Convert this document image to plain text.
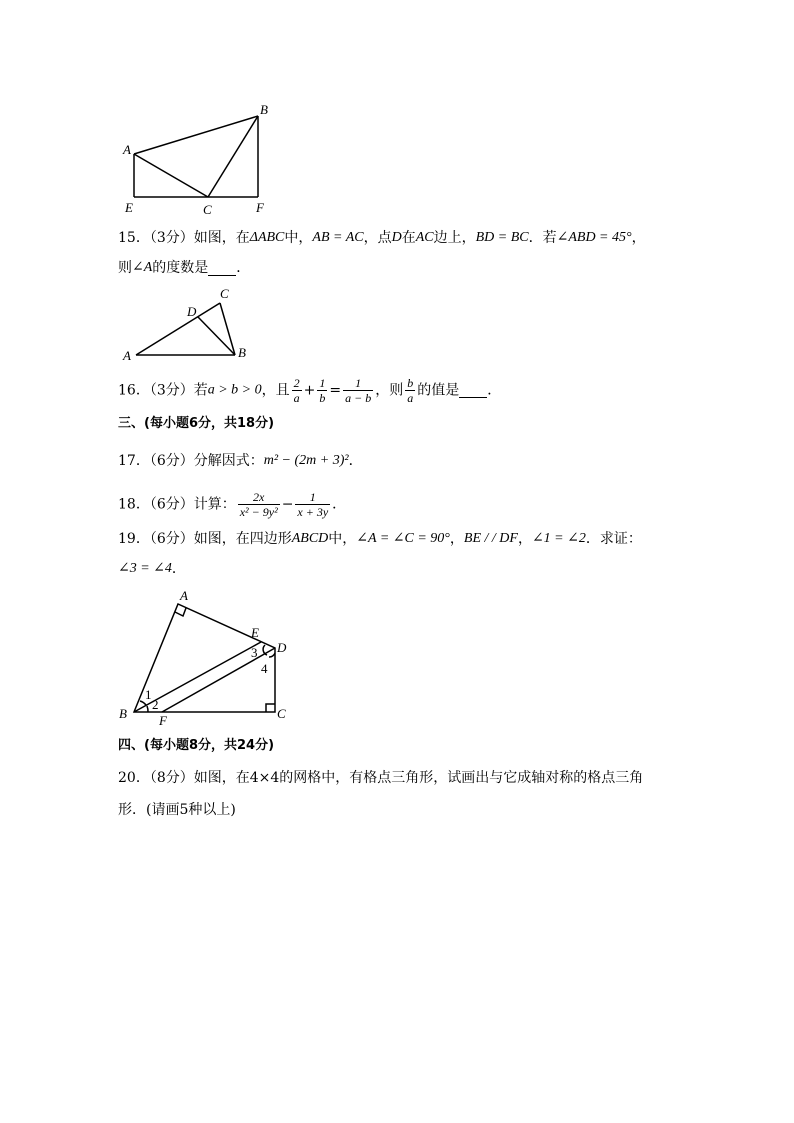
A
B
C
E	F
15．（3分）如图，在ΔABC中，AB = AC，点D在AC边上，BD = BC．若∠ABD = 45°，
则∠A的度数是 ．
A	B
C
D
16．（3分）若a > b > 0，且 $\frac{2}{a} + \frac{1}{b} = \frac{1}{a - b}$ ，则 $\frac{b}{a}$ 的值是 ．
三、(每小题6分，共18分)
17．（6分）分解因式：m² − (2m + 3)²．
18．（6分）计算： $\frac{2x}{\text{x² − 9y²}} - \frac{1}{x + 3y}$ ．
19．（6分）如图，在四边形ABCD中，∠A = ∠C = 90°，BE / / DF，∠1 = ∠2．求证：
∠3 = ∠4．
A
B	C
D
E
F
1
2
3
4
四、(每小题8分，共24分)
20．（8分）如图，在4×4的网格中，有格点三角形，试画出与它成轴对称的格点三角
形．(请画5种以上)
